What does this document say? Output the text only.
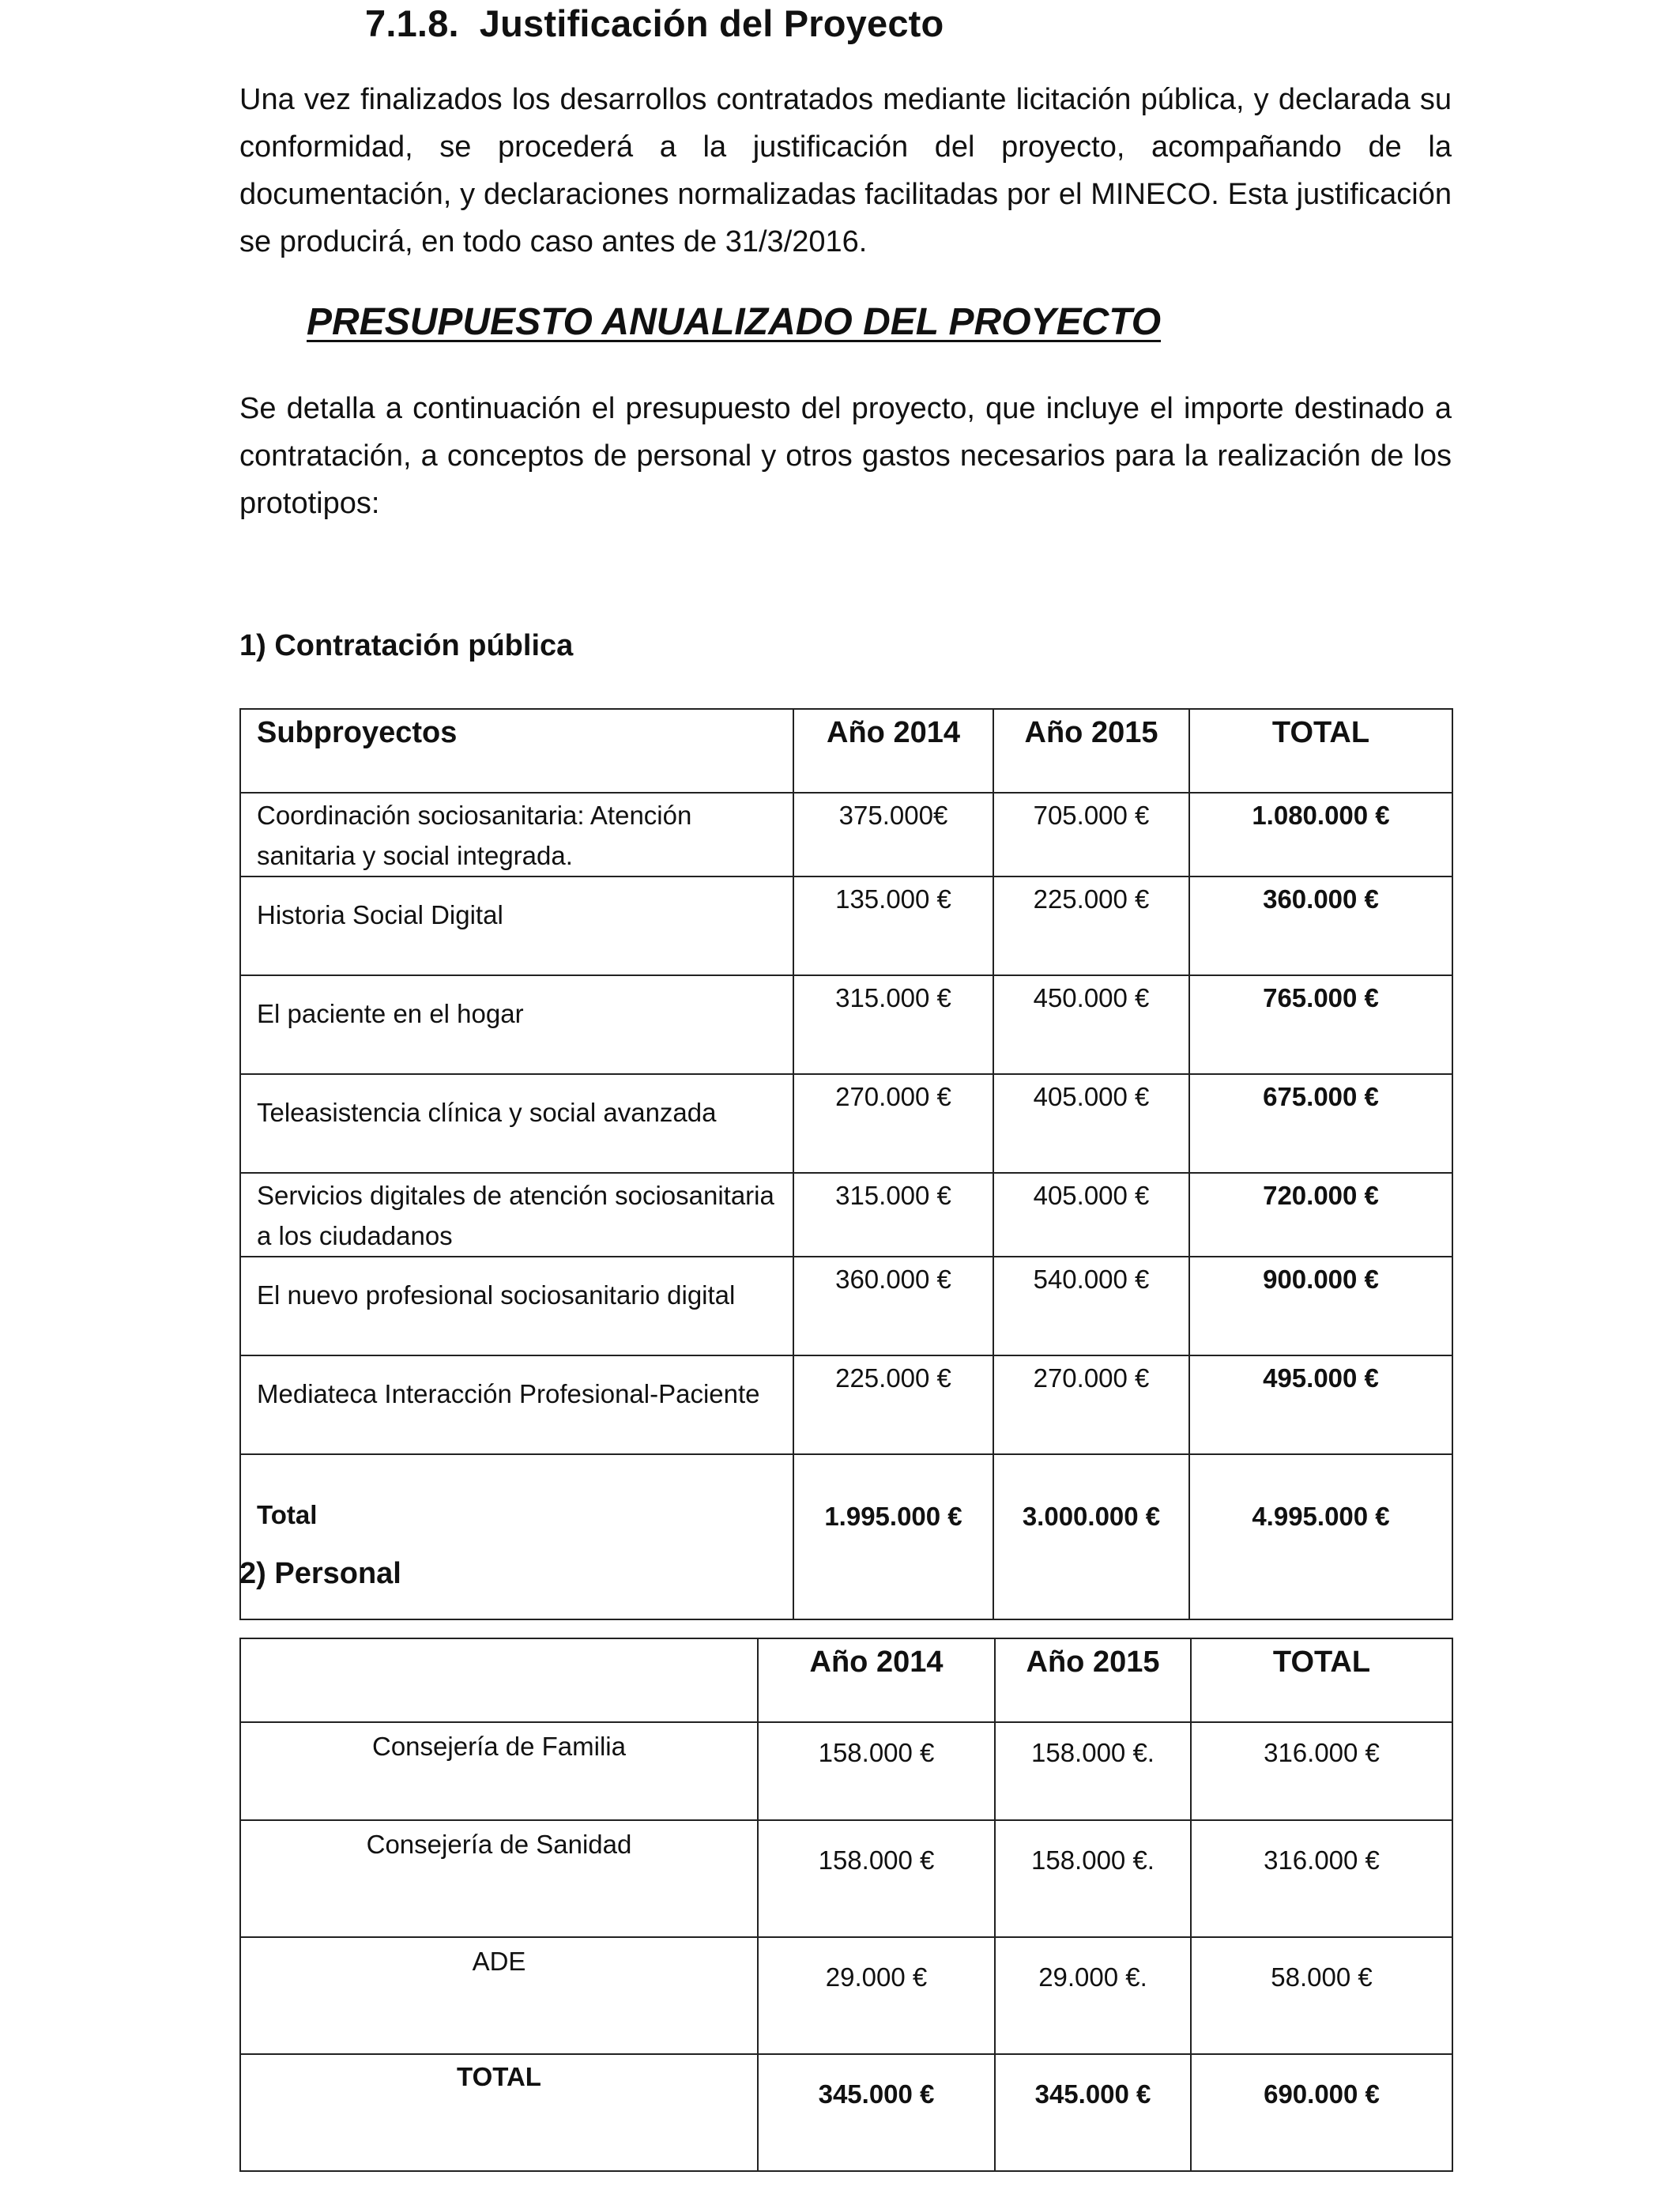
7.1.8. Justificación del Proyecto

Una vez finalizados los desarrollos contratados mediante licitación pública, y declarada su conformidad, se procederá a la justificación del proyecto, acompañando de la documentación, y declaraciones normalizadas facilitadas por el MINECO. Esta justificación se producirá, en todo caso antes de 31/3/2016.

PRESUPUESTO ANUALIZADO DEL PROYECTO

Se detalla a continuación el presupuesto del proyecto, que incluye el importe destinado a contratación, a conceptos de personal y otros gastos necesarios para la realización de los prototipos:

1) Contratación pública
Subproyectos	Año 2014	Año 2015	TOTAL
Coordinación sociosanitaria: Atención sanitaria y social integrada.	375.000€	705.000 €	1.080.000 €
Historia Social Digital	135.000 €	225.000 €	360.000 €
El paciente en el hogar	315.000 €	450.000 €	765.000 €
Teleasistencia clínica y social avanzada	270.000 €	405.000 €	675.000 €
Servicios digitales de atención sociosanitaria a los ciudadanos	315.000 €	405.000 €	720.000 €
El nuevo profesional sociosanitario digital	360.000 €	540.000 €	900.000 €
Mediateca Interacción Profesional-Paciente	225.000 €	270.000 €	495.000 €
Total	1.995.000 €	3.000.000 €	4.995.000 €
2) Personal
	Año 2014	Año 2015	TOTAL
Consejería de Familia	158.000 €	158.000 €.	316.000 €
Consejería de Sanidad	158.000 €	158.000 €.	316.000 €
ADE	29.000 €	29.000 €.	58.000 €
TOTAL	345.000 €	345.000 €	690.000 €
